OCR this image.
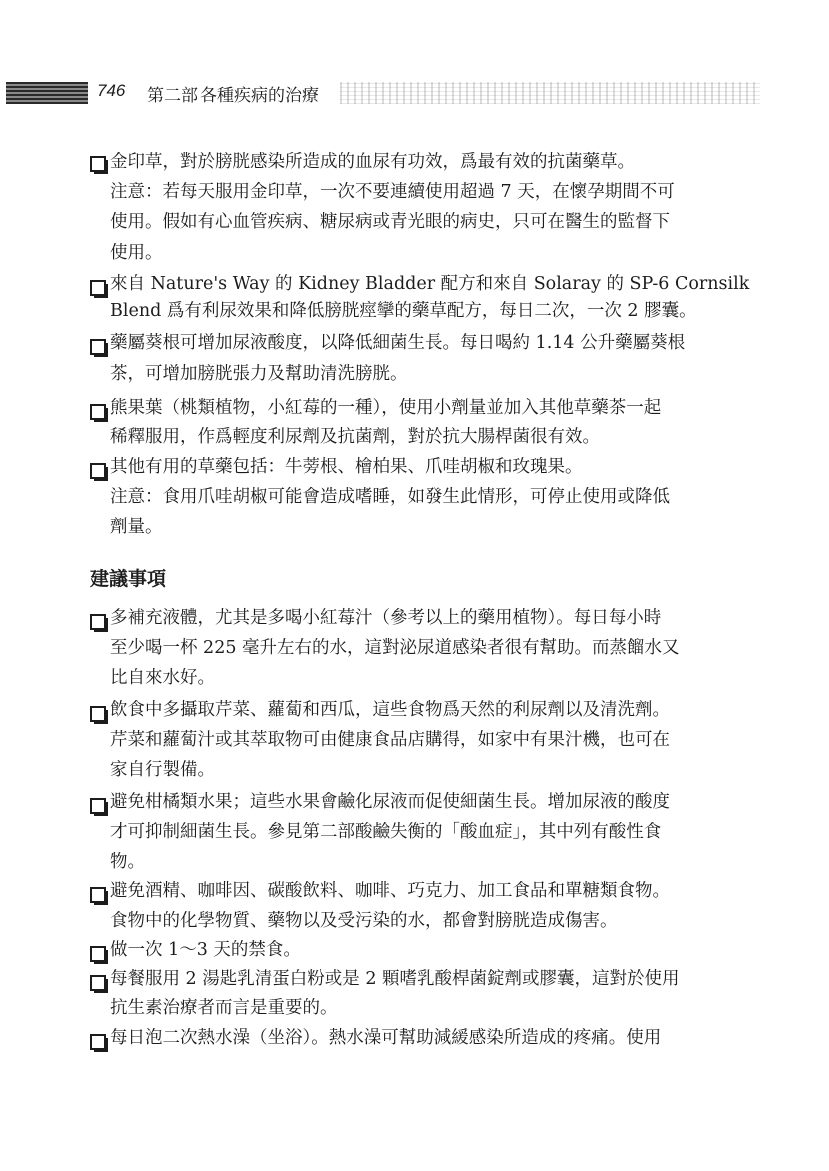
746 第二部 各種疾病的治療
金印草，對於膀胱感染所造成的血尿有功效，爲最有效的抗菌藥草。
注意：若每天服用金印草，一次不要連續使用超過 7 天，在懷孕期間不可
使用。假如有心血管疾病、糖尿病或青光眼的病史，只可在醫生的監督下
使用。
來自 Nature's Way 的 Kidney Bladder 配方和來自 Solaray 的 SP-6 Cornsilk
Blend 爲有利尿效果和降低膀胱痙攣的藥草配方，每日二次，一次 2 膠囊。
藥屬葵根可增加尿液酸度，以降低細菌生長。每日喝約 1.14 公升藥屬葵根
茶，可增加膀胱張力及幫助清洗膀胱。
熊果葉（桃類植物，小紅莓的一種），使用小劑量並加入其他草藥茶一起
稀釋服用，作爲輕度利尿劑及抗菌劑，對於抗大腸桿菌很有效。
其他有用的草藥包括：牛蒡根、檜柏果、爪哇胡椒和玫瑰果。
注意：食用爪哇胡椒可能會造成嗜睡，如發生此情形，可停止使用或降低
劑量。
建議事項
多補充液體，尤其是多喝小紅莓汁（參考以上的藥用植物）。每日每小時
至少喝一杯 225 毫升左右的水，這對泌尿道感染者很有幫助。而蒸餾水又
比自來水好。
飲食中多攝取芹菜、蘿蔔和西瓜，這些食物爲天然的利尿劑以及清洗劑。
芹菜和蘿蔔汁或其萃取物可由健康食品店購得，如家中有果汁機，也可在
家自行製備。
避免柑橘類水果；這些水果會鹼化尿液而促使細菌生長。增加尿液的酸度
才可抑制細菌生長。參見第二部酸鹼失衡的「酸血症」，其中列有酸性食
物。
避免酒精、咖啡因、碳酸飲料、咖啡、巧克力、加工食品和單糖類食物。
食物中的化學物質、藥物以及受污染的水，都會對膀胱造成傷害。
做一次 1～3 天的禁食。
每餐服用 2 湯匙乳清蛋白粉或是 2 顆嗜乳酸桿菌錠劑或膠囊，這對於使用
抗生素治療者而言是重要的。
每日泡二次熱水澡（坐浴）。熱水澡可幫助減緩感染所造成的疼痛。使用
